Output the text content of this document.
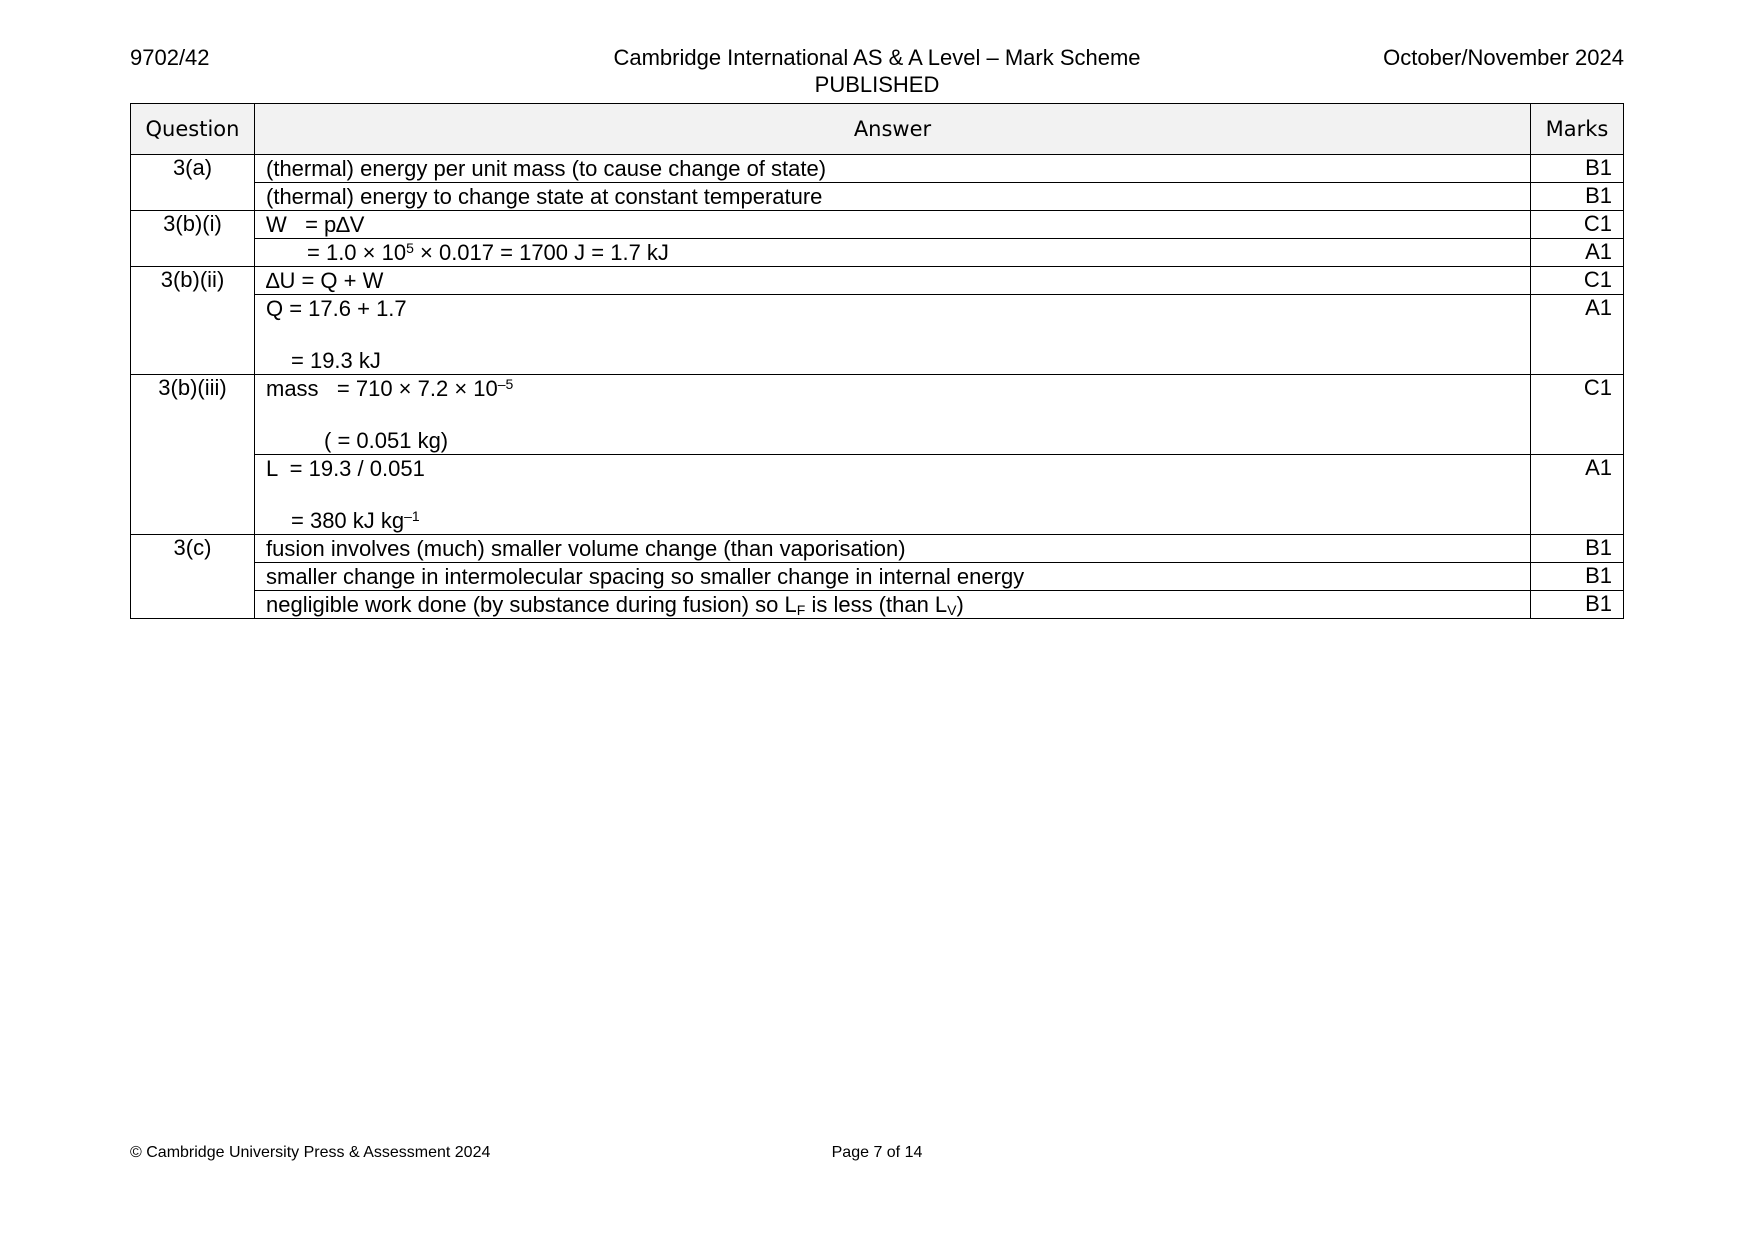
9702/42	Cambridge International AS & A Level – Mark Scheme
PUBLISHED
October/November 2024
Question	Answer	Marks
3(a)	(thermal) energy per unit mass (to cause change of state)	B1

	(thermal) energy to change state at constant temperature	B1
3(b)(i)	W   = p∆V	C1

	= $1.0 \times 10^5 \times 0.017 = 1700$ J = 1.7 kJ	A1
3(b)(ii)	∆U = Q + W	C1

	Q = 17.6 + 1.7
= 19.3 kJ	A1
3(b)(iii)	mass   = $710 \times 7.2 \times 10^{-5}$
( = 0.051 kg)	C1

	L  = 19.3 / 0.051
= 380 kJ $kg^{-1}$	A1
3(c)	fusion involves (much) smaller volume change (than vaporisation)	B1

	smaller change in intermolecular spacing so smaller change in internal energy	B1

	negligible work done (by substance during fusion) so $L_F$ is less (than $L_V$)	B1
© Cambridge University Press & Assessment 2024	Page 7 of 14
